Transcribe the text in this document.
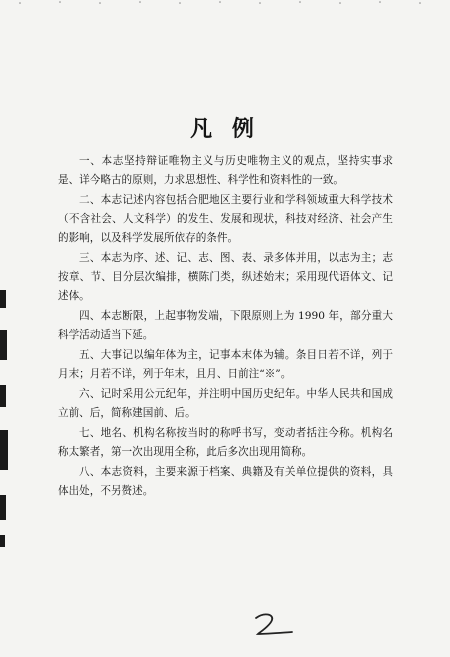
凡 例

一、本志坚持辩证唯物主义与历史唯物主义的观点，坚持实事求是、详今略古的原则，力求思想性、科学性和资料性的一致。

二、本志记述内容包括合肥地区主要行业和学科领域重大科学技术（不含社会、人文科学）的发生、发展和现状，科技对经济、社会产生的影响，以及科学发展所依存的条件。

三、本志为序、述、记、志、图、表、录多体并用，以志为主；志按章、节、目分层次编排，横陈门类，纵述始末；采用现代语体文、记述体。

四、本志断限，上起事物发端，下限原则上为 1990 年，部分重大科学活动适当下延。

五、大事记以编年体为主，记事本末体为辅。条目日若不详，列于月末；月若不详，列于年末，且月、日前注“※”。

六、记时采用公元纪年，并注明中国历史纪年。中华人民共和国成立前、后，简称建国前、后。

七、地名、机构名称按当时的称呼书写，变动者括注今称。机构名称太繁者，第一次出现用全称，此后多次出现用简称。

八、本志资料，主要来源于档案、典籍及有关单位提供的资料，具体出处，不另赘述。
